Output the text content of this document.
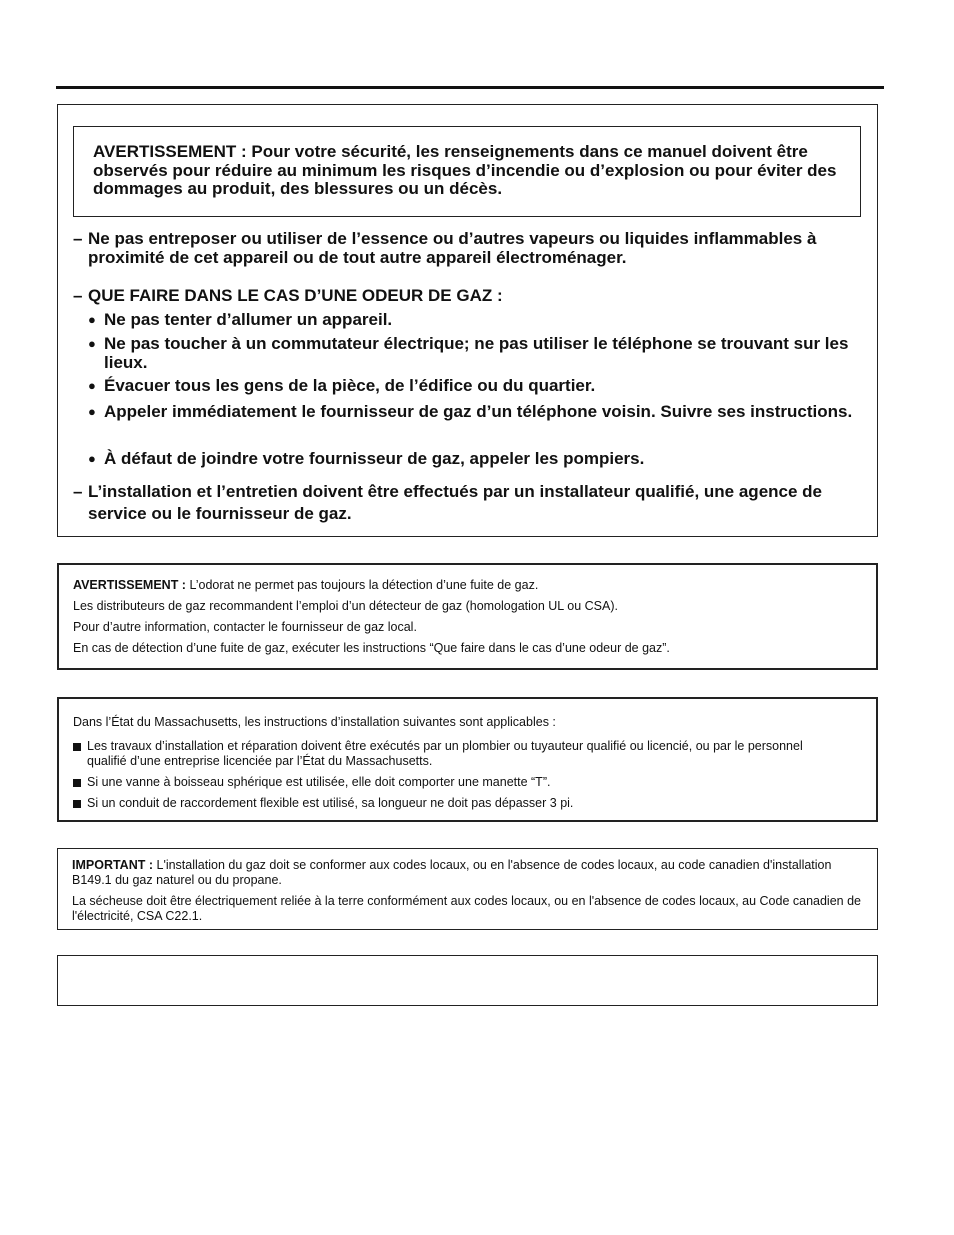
AVERTISSEMENT : Pour votre sécurité, les renseignements dans ce manuel doivent être observés pour réduire au minimum les risques d’incendie ou d’explosion ou pour éviter des dommages au produit, des blessures ou un décès.
– Ne pas entreposer ou utiliser de l’essence ou d’autres vapeurs ou liquides inflammables à proximité de cet appareil ou de tout autre appareil électroménager.
– QUE FAIRE DANS LE CAS D’UNE ODEUR DE GAZ :
● Ne pas tenter d’allumer un appareil.
● Ne pas toucher à un commutateur électrique; ne pas utiliser le téléphone se trouvant sur les lieux.
● Évacuer tous les gens de la pièce, de l’édifice ou du quartier.
● Appeler immédiatement le fournisseur de gaz d’un téléphone voisin. Suivre ses instructions.
● À défaut de joindre votre fournisseur de gaz, appeler les pompiers.
– L’installation et l’entretien doivent être effectués par un installateur qualifié, une agence de service ou le fournisseur de gaz.
AVERTISSEMENT : L’odorat ne permet pas toujours la détection d’une fuite de gaz.
Les distributeurs de gaz recommandent l’emploi d’un détecteur de gaz (homologation UL ou CSA).
Pour d’autre information, contacter le fournisseur de gaz local.
En cas de détection d’une fuite de gaz, exécuter les instructions “Que faire dans le cas d’une odeur de gaz”.
Dans l’État du Massachusetts, les instructions d’installation suivantes sont applicables :
Les travaux d’installation et réparation doivent être exécutés par un plombier ou tuyauteur qualifié ou licencié, ou par le personnel qualifié d’une entreprise licenciée par l’État du Massachusetts.
Si une vanne à boisseau sphérique est utilisée, elle doit comporter une manette “T”.
Si un conduit de raccordement flexible est utilisé, sa longueur ne doit pas dépasser 3 pi.
IMPORTANT : L'installation du gaz doit se conformer aux codes locaux, ou en l'absence de codes locaux, au code canadien d'installation B149.1 du gaz naturel ou du propane.
La sécheuse doit être électriquement reliée à la terre conformément aux codes locaux, ou en l'absence de codes locaux, au Code canadien de l'électricité, CSA C22.1.
